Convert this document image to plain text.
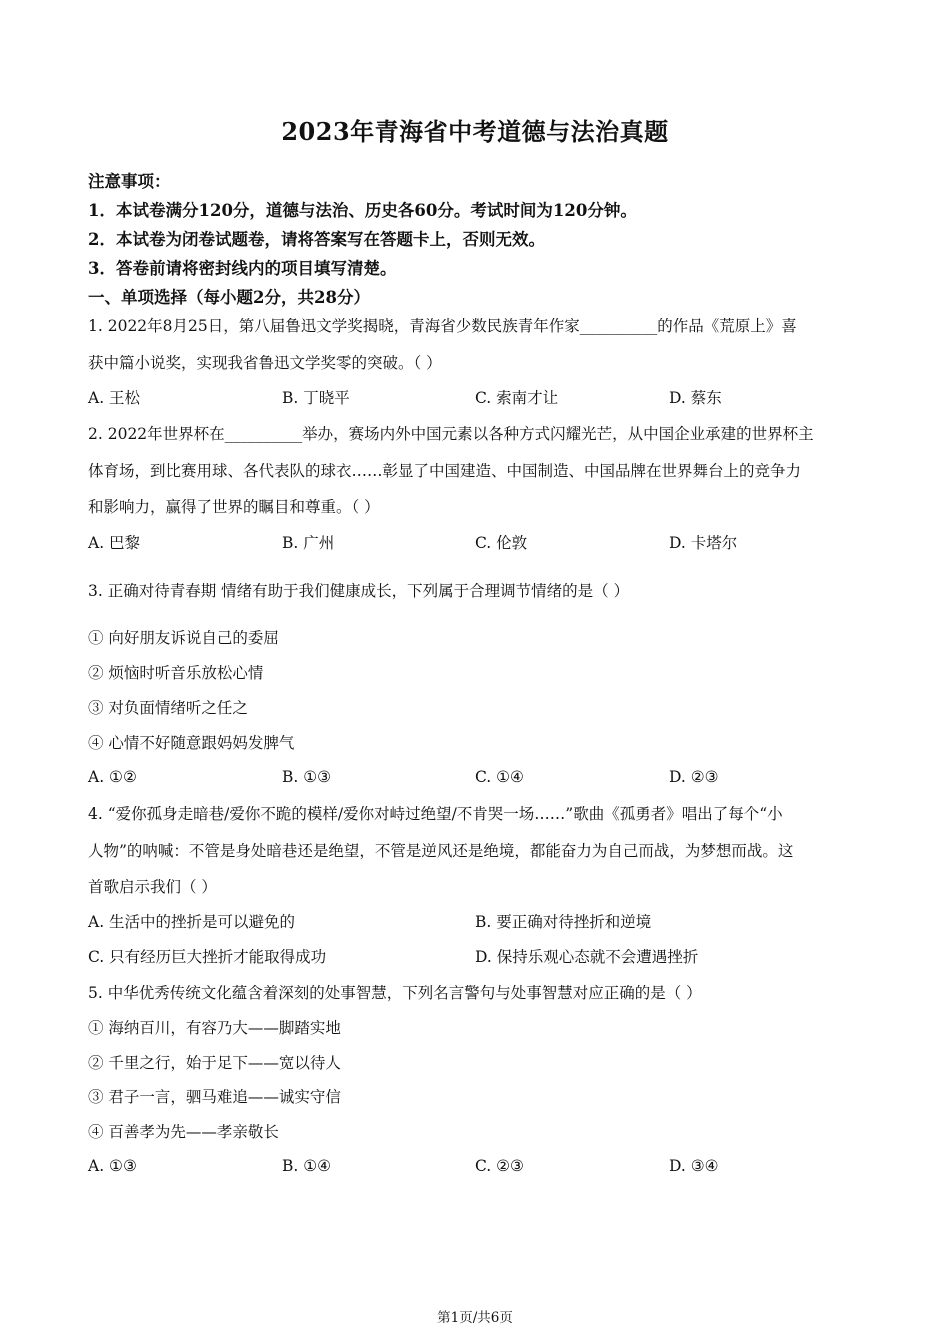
2023年青海省中考道德与法治真题
注意事项：
1．本试卷满分120分，道德与法治、历史各60分。考试时间为120分钟。
2．本试卷为闭卷试题卷，请将答案写在答题卡上，否则无效。
3．答卷前请将密封线内的项目填写清楚。
一、单项选择（每小题2分，共28分）
1. 2022年8月25日，第八届鲁迅文学奖揭晓，青海省少数民族青年作家__________的作品《荒原上》喜
获中篇小说奖，实现我省鲁迅文学奖零的突破。（ ）
A. 王松	B. 丁晓平	C. 索南才让	D. 蔡东
2. 2022年世界杯在__________举办，赛场内外中国元素以各种方式闪耀光芒，从中国企业承建的世界杯主
体育场，到比赛用球、各代表队的球衣……彰显了中国建造、中国制造、中国品牌在世界舞台上的竞争力
和影响力，赢得了世界的瞩目和尊重。（ ）
A. 巴黎	B. 广州	C. 伦敦	D. 卡塔尔
3. 正确对待青春期 情绪有助于我们健康成长，下列属于合理调节情绪的是（ ）
① 向好朋友诉说自己的委屈
② 烦恼时听音乐放松心情
③ 对负面情绪听之任之
④ 心情不好随意跟妈妈发脾气
A. ①②	B. ①③	C. ①④	D. ②③
4. “爱你孤身走暗巷/爱你不跪的模样/爱你对峙过绝望/不肯哭一场……”歌曲《孤勇者》唱出了每个“小
人物”的呐喊：不管是身处暗巷还是绝望，不管是逆风还是绝境，都能奋力为自己而战，为梦想而战。这
首歌启示我们（ ）
A. 生活中的挫折是可以避免的	B. 要正确对待挫折和逆境
C. 只有经历巨大挫折才能取得成功	D. 保持乐观心态就不会遭遇挫折
5. 中华优秀传统文化蕴含着深刻的处事智慧，下列名言警句与处事智慧对应正确的是（ ）
① 海纳百川，有容乃大——脚踏实地
② 千里之行，始于足下——宽以待人
③ 君子一言，驷马难追——诚实守信
④ 百善孝为先——孝亲敬长
A. ①③	B. ①④	C. ②③	D. ③④
第1页/共6页
